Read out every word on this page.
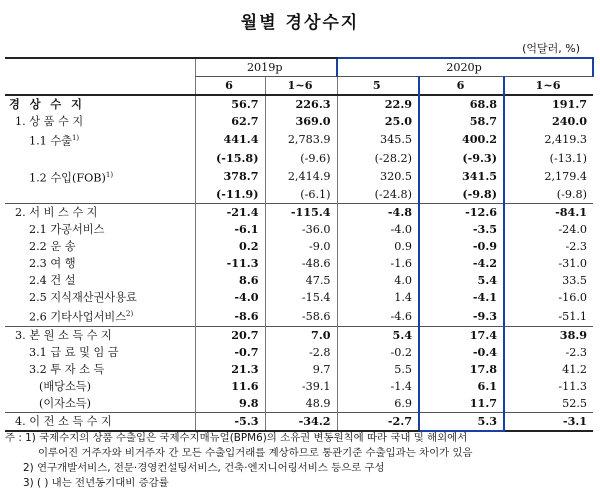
월별 경상수지
(억달러, %)
	2019p		2020p		
	6	1~6	5	6	1~6
경 상 수 지	56.7	226.3	22.9	68.8	191.7
1. 상 품 수 지	62.7	369.0	25.0	58.7	240.0
1.1 수출$^{1)}$	441.4	2,783.9	345.5	400.2	2,419.3
	(-15.8)	(-9.6)	(-28.2)	(-9.3)	(-13.1)
1.2 수입(FOB)$^{1)}$	378.7	2,414.9	320.5	341.5	2,179.4
	(-11.9)	(-6.1)	(-24.8)	(-9.8)	(-9.8)
2. 서 비 스 수 지	-21.4	-115.4	-4.8	-12.6	-84.1
2.1 가공서비스	-6.1	-36.0	-4.0	-3.5	-24.0
2.2 운 송	0.2	-9.0	0.9	-0.9	-2.3
2.3 여 행	-11.3	-48.6	-1.6	-4.2	-31.0
2.4 건 설	8.6	47.5	4.0	5.4	33.5
2.5 지식재산권사용료	-4.0	-15.4	1.4	-4.1	-16.0
2.6 기타사업서비스$^{2)}$	-8.6	-58.6	-4.6	-9.3	-51.1
3. 본 원 소 득 수 지	20.7	7.0	5.4	17.4	38.9
3.1 급 료 및 임 금	-0.7	-2.8	-0.2	-0.4	-2.3
3.2 투 자 소 득	21.3	9.7	5.5	17.8	41.2
(배당소득)	11.6	-39.1	-1.4	6.1	-11.3
(이자소득)	9.8	48.9	6.9	11.7	52.5
4. 이 전 소 득 수 지	-5.3	-34.2	-2.7	5.3	-3.1
주 : 1) 국제수지의 상품 수출입은 국제수지매뉴얼(BPM6)의 소유권 변동원칙에 따라 국내 및 해외에서
이루어진 거주자와 비거주자 간 모든 수출입거래를 계상하므로 통관기준 수출입과는 차이가 있음
2) 연구개발서비스, 전문·경영컨설팅서비스, 건축·엔지니어링서비스 등으로 구성
3) ( ) 내는 전년동기대비 증감률
